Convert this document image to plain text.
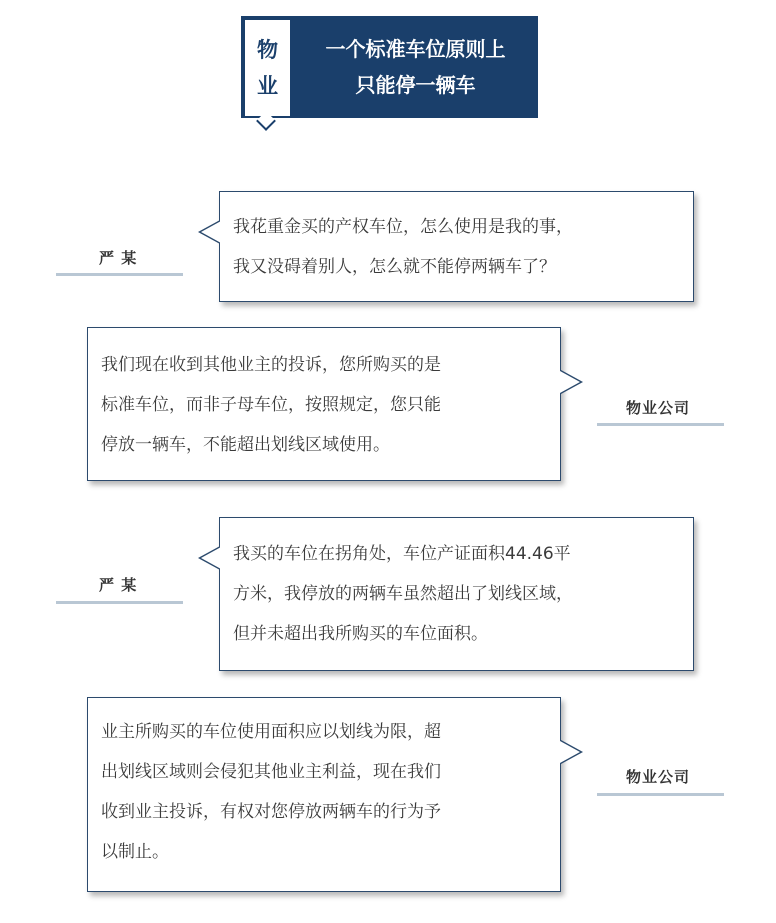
物
业
一个标准车位原则上
只能停一辆车
严 某
我花重金买的产权车位，怎么使用是我的事，
我又没碍着别人，怎么就不能停两辆车了？
我们现在收到其他业主的投诉，您所购买的是
标准车位，而非子母车位，按照规定，您只能
停放一辆车，不能超出划线区域使用。
物业公司
严 某
我买的车位在拐角处，车位产证面积44.46平
方米，我停放的两辆车虽然超出了划线区域，
但并未超出我所购买的车位面积。
业主所购买的车位使用面积应以划线为限，超
出划线区域则会侵犯其他业主利益，现在我们
收到业主投诉，有权对您停放两辆车的行为予
以制止。
物业公司
